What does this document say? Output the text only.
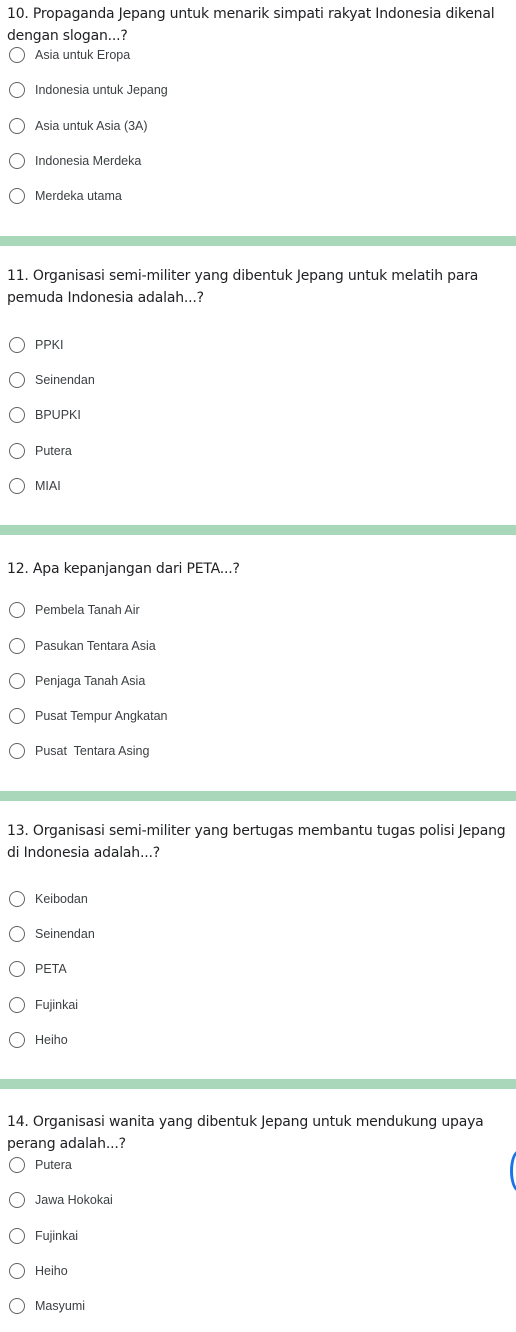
10. Propaganda Jepang untuk menarik simpati rakyat Indonesia dikenal dengan slogan...?
Asia untuk Eropa
Indonesia untuk Jepang
Asia untuk Asia (3A)
Indonesia Merdeka
Merdeka utama
11. Organisasi semi-militer yang dibentuk Jepang untuk melatih para pemuda Indonesia adalah...?
PPKI
Seinendan
BPUPKI
Putera
MIAI
12. Apa kepanjangan dari PETA...?
Pembela Tanah Air
Pasukan Tentara Asia
Penjaga Tanah Asia
Pusat Tempur Angkatan
Pusat  Tentara Asing
13. Organisasi semi-militer yang bertugas membantu tugas polisi Jepang di Indonesia adalah...?
Keibodan
Seinendan
PETA
Fujinkai
Heiho
14. Organisasi wanita yang dibentuk Jepang untuk mendukung upaya perang adalah...?
Putera
Jawa Hokokai
Fujinkai
Heiho
Masyumi
